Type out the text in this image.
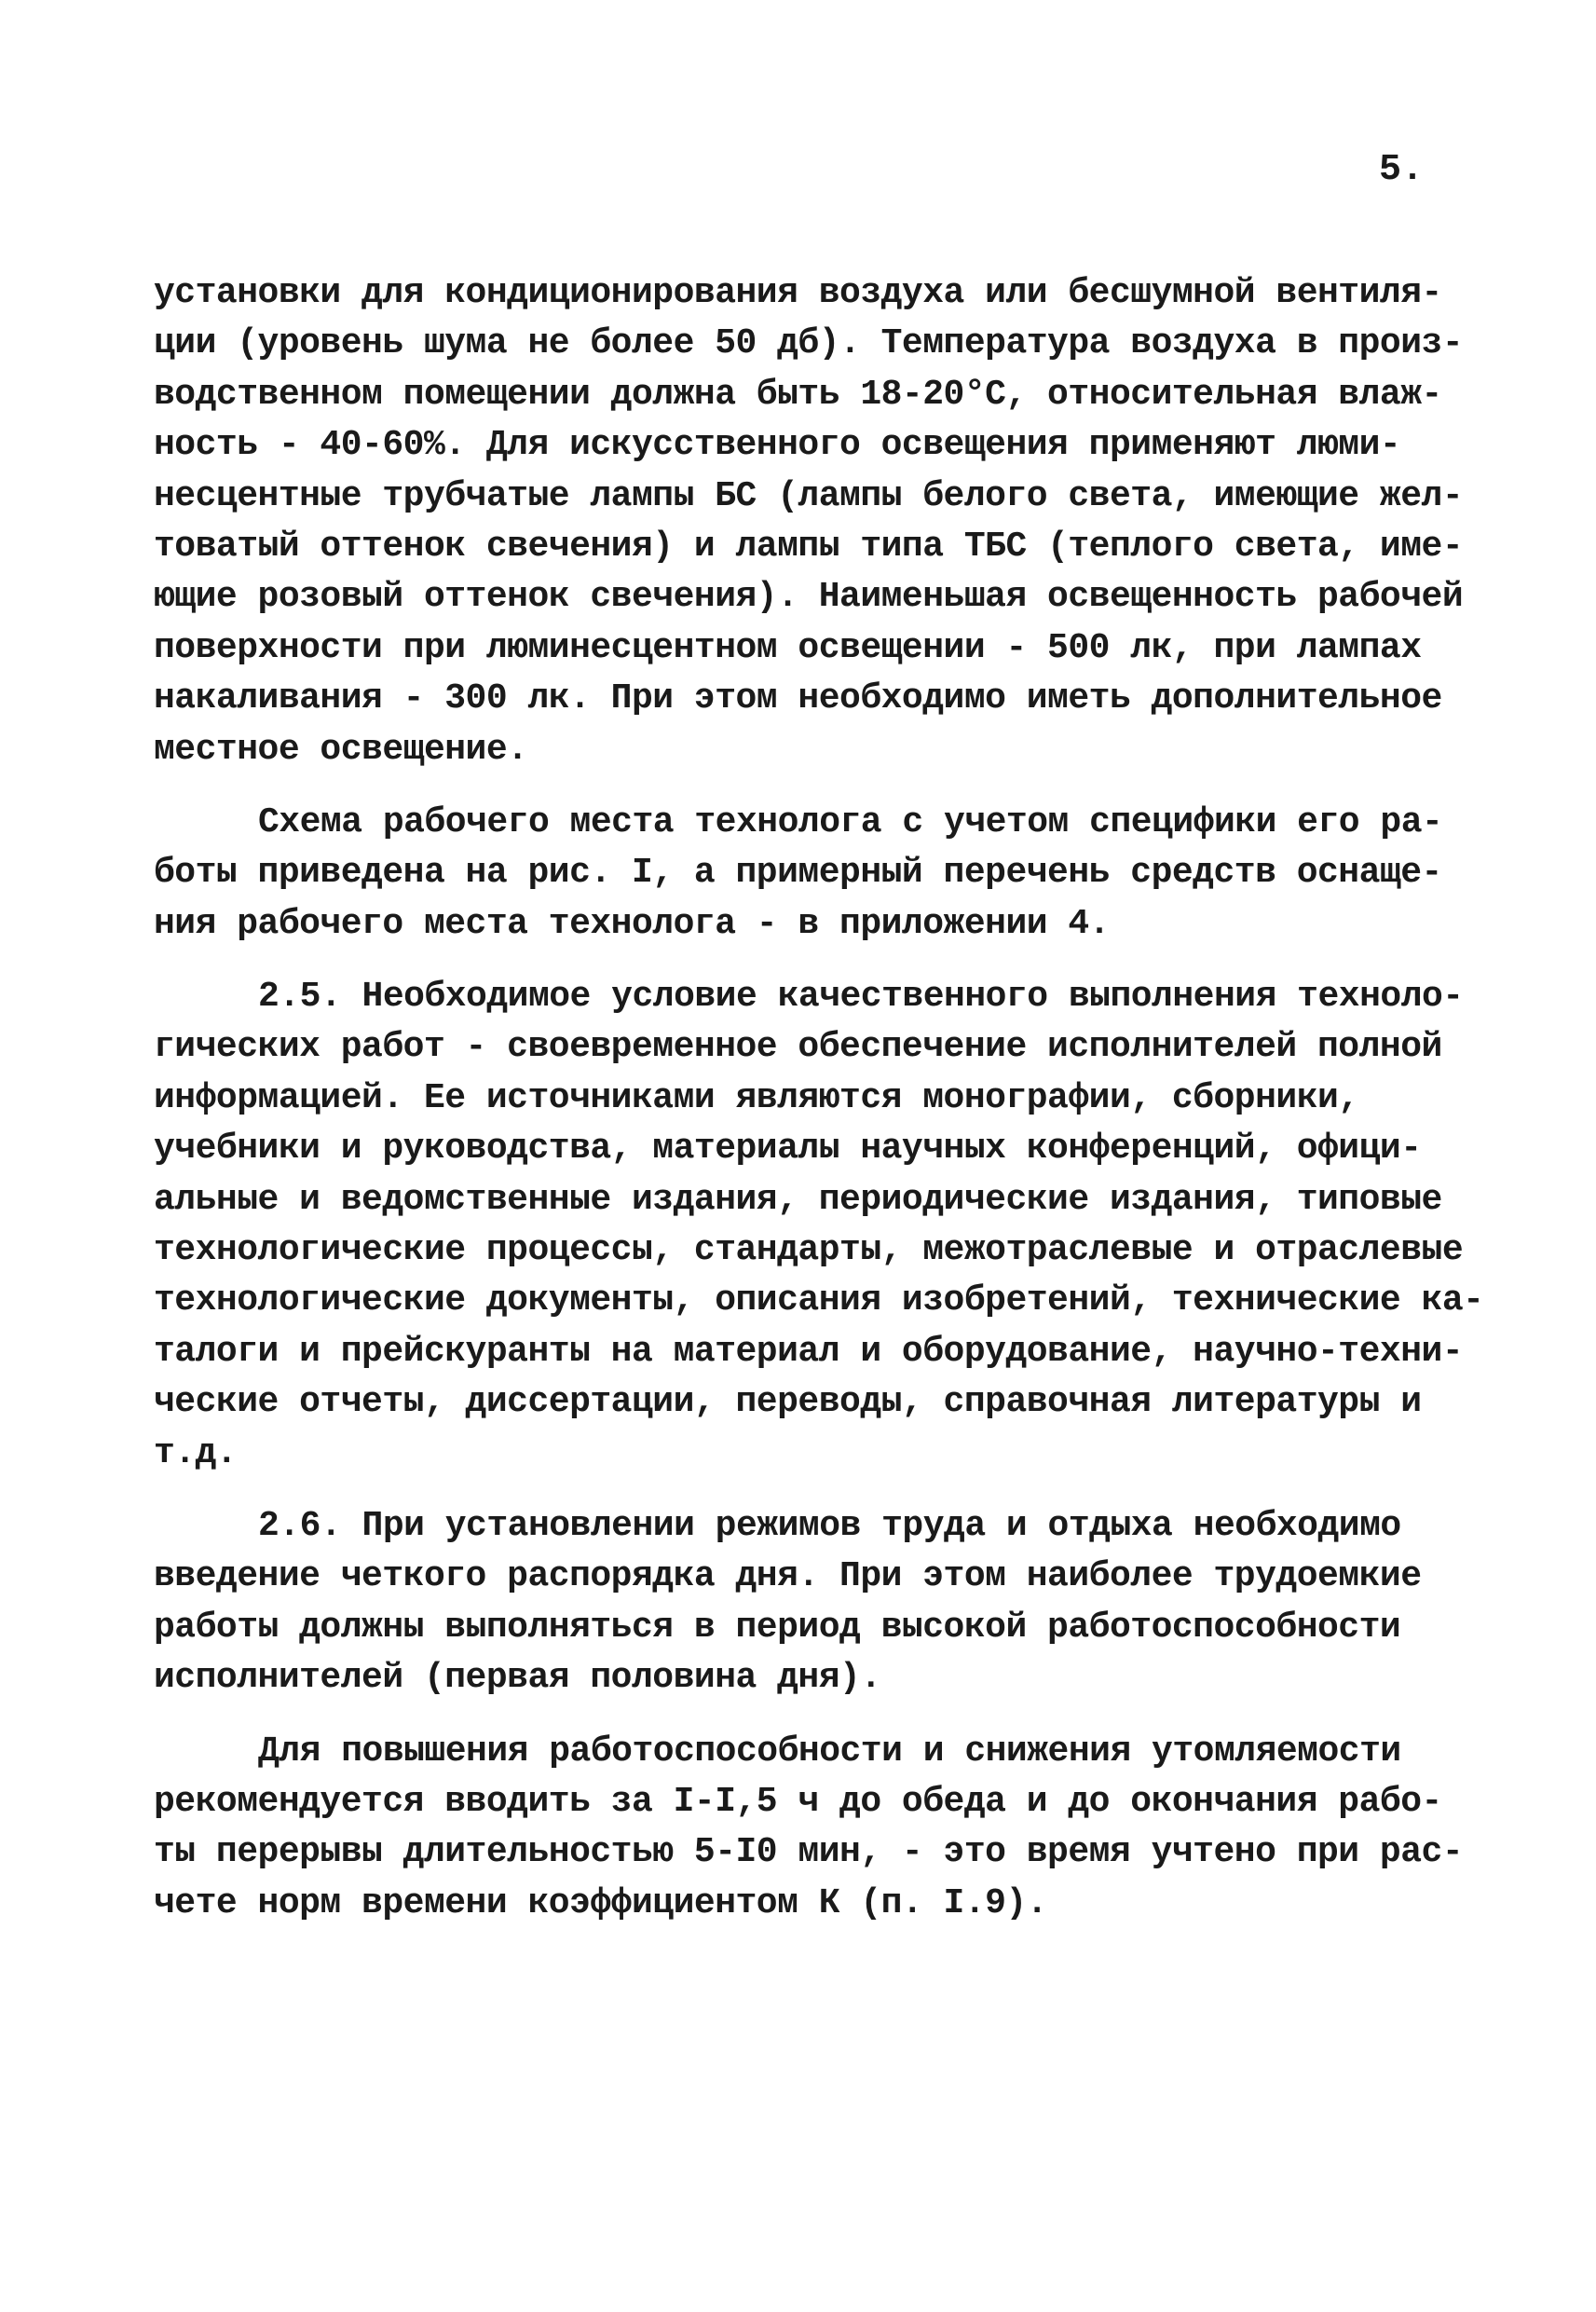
5.
установки для кондиционирования воздуха или бесшумной вентиля-
ции (уровень шума не более 50 дб). Температура воздуха в произ-
водственном помещении должна быть 18-20°С, относительная влаж-
ность - 40-60%. Для искусственного освещения применяют люми-
несцентные трубчатые лампы БС (лампы белого света, имеющие жел-
товатый оттенок свечения) и лампы типа ТБС (теплого света, име-
ющие розовый оттенок свечения). Наименьшая освещенность рабочей
поверхности при люминесцентном освещении - 500 лк, при лампах
накаливания - 300 лк. При этом необходимо иметь дополнительное
местное освещение.
Схема рабочего места технолога с учетом специфики его ра-
боты приведена на рис. I, а примерный перечень средств оснаще-
ния рабочего места технолога - в приложении 4.
2.5. Необходимое условие качественного выполнения техноло-
гических работ - своевременное обеспечение исполнителей полной
информацией. Ее источниками являются монографии, сборники,
учебники и руководства, материалы научных конференций, офици-
альные и ведомственные издания, периодические издания, типовые
технологические процессы, стандарты, межотраслевые и отраслевые
технологические документы, описания изобретений, технические ка-
талоги и прейскуранты на материал и оборудование, научно-техни-
ческие отчеты, диссертации, переводы, справочная литературы и
т.д.
2.6. При установлении режимов труда и отдыха необходимо
введение четкого распорядка дня. При этом наиболее трудоемкие
работы должны выполняться в период высокой работоспособности
исполнителей (первая половина дня).
Для повышения работоспособности и снижения утомляемости
рекомендуется вводить за I-I,5 ч до обеда и до окончания рабо-
ты перерывы длительностью 5-I0 мин, - это время учтено при рас-
чете норм времени коэффициентом К (п. I.9).
